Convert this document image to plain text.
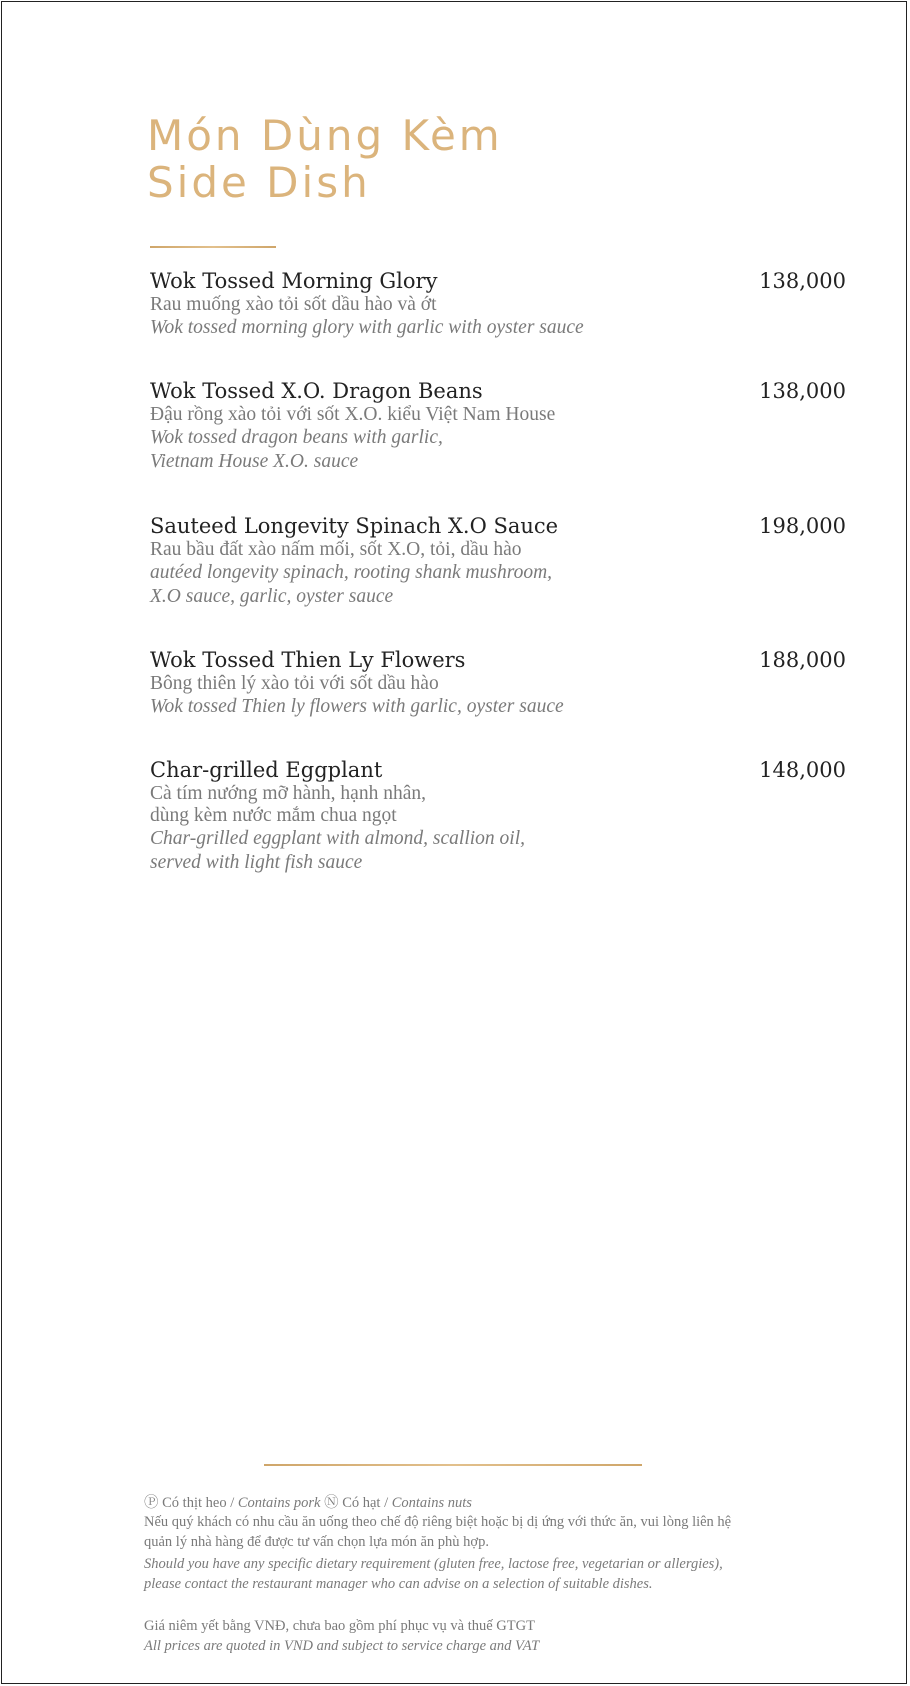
Món Dùng Kèm
Side Dish
Wok Tossed Morning Glory	138,000
Rau muống xào tỏi sốt dầu hào và ớt
Wok tossed morning glory with garlic with oyster sauce
Wok Tossed X.O. Dragon Beans	138,000
Đậu rồng xào tỏi với sốt X.O. kiểu Việt Nam House
Wok tossed dragon beans with garlic,
Vietnam House X.O. sauce
Sauteed Longevity Spinach X.O Sauce	198,000
Rau bầu đất xào nấm mối, sốt X.O, tỏi, dầu hào
autéed longevity spinach, rooting shank mushroom,
X.O sauce, garlic, oyster sauce
Wok Tossed Thien Ly Flowers	188,000
Bông thiên lý xào tỏi với sốt dầu hào
Wok tossed Thien ly flowers with garlic, oyster sauce
Char-grilled Eggplant	148,000
Cà tím nướng mỡ hành, hạnh nhân,
dùng kèm nước mắm chua ngọt
Char-grilled eggplant with almond, scallion oil,
served with light fish sauce
Ⓟ Có thịt heo / Contains pork Ⓝ Có hạt / Contains nuts
Nếu quý khách có nhu cầu ăn uống theo chế độ riêng biệt hoặc bị dị ứng với thức ăn, vui lòng liên hệ
quản lý nhà hàng để được tư vấn chọn lựa món ăn phù hợp.
Should you have any specific dietary requirement (gluten free, lactose free, vegetarian or allergies),
please contact the restaurant manager who can advise on a selection of suitable dishes.
Giá niêm yết bằng VNĐ, chưa bao gồm phí phục vụ và thuế GTGT
All prices are quoted in VND and subject to service charge and VAT
